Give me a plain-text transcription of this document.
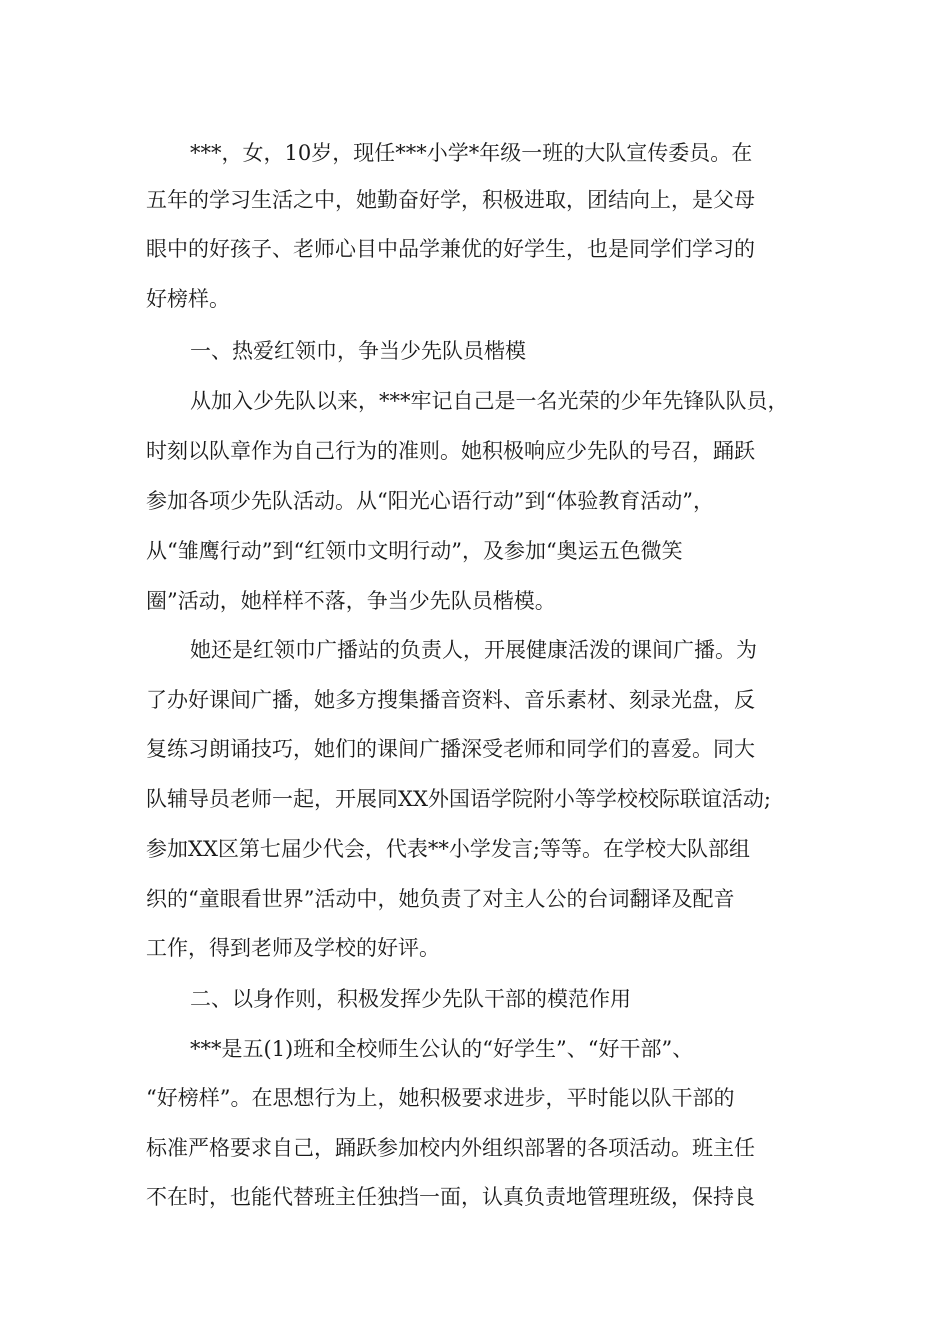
***，女，10岁，现任***小学*年级一班的大队宣传委员。在

五年的学习生活之中，她勤奋好学，积极进取，团结向上，是父母

眼中的好孩子、老师心目中品学兼优的好学生，也是同学们学习的

好榜样。

一、热爱红领巾，争当少先队员楷模

从加入少先队以来，***牢记自己是一名光荣的少年先锋队队员，

时刻以队章作为自己行为的准则。她积极响应少先队的号召，踊跃

参加各项少先队活动。从“阳光心语行动”到“体验教育活动”，

从“雏鹰行动”到“红领巾文明行动”，及参加“奥运五色微笑

圈”活动，她样样不落，争当少先队员楷模。

她还是红领巾广播站的负责人，开展健康活泼的课间广播。为

了办好课间广播，她多方搜集播音资料、音乐素材、刻录光盘，反

复练习朗诵技巧，她们的课间广播深受老师和同学们的喜爱。同大

队辅导员老师一起，开展同XX外国语学院附小等学校校际联谊活动;

参加XX区第七届少代会，代表**小学发言;等等。在学校大队部组

织的“童眼看世界”活动中，她负责了对主人公的台词翻译及配音

工作，得到老师及学校的好评。

二、以身作则，积极发挥少先队干部的模范作用

***是五(1)班和全校师生公认的“好学生”、“好干部”、

“好榜样”。在思想行为上，她积极要求进步，平时能以队干部的

标准严格要求自己，踊跃参加校内外组织部署的各项活动。班主任

不在时，也能代替班主任独挡一面，认真负责地管理班级，保持良
